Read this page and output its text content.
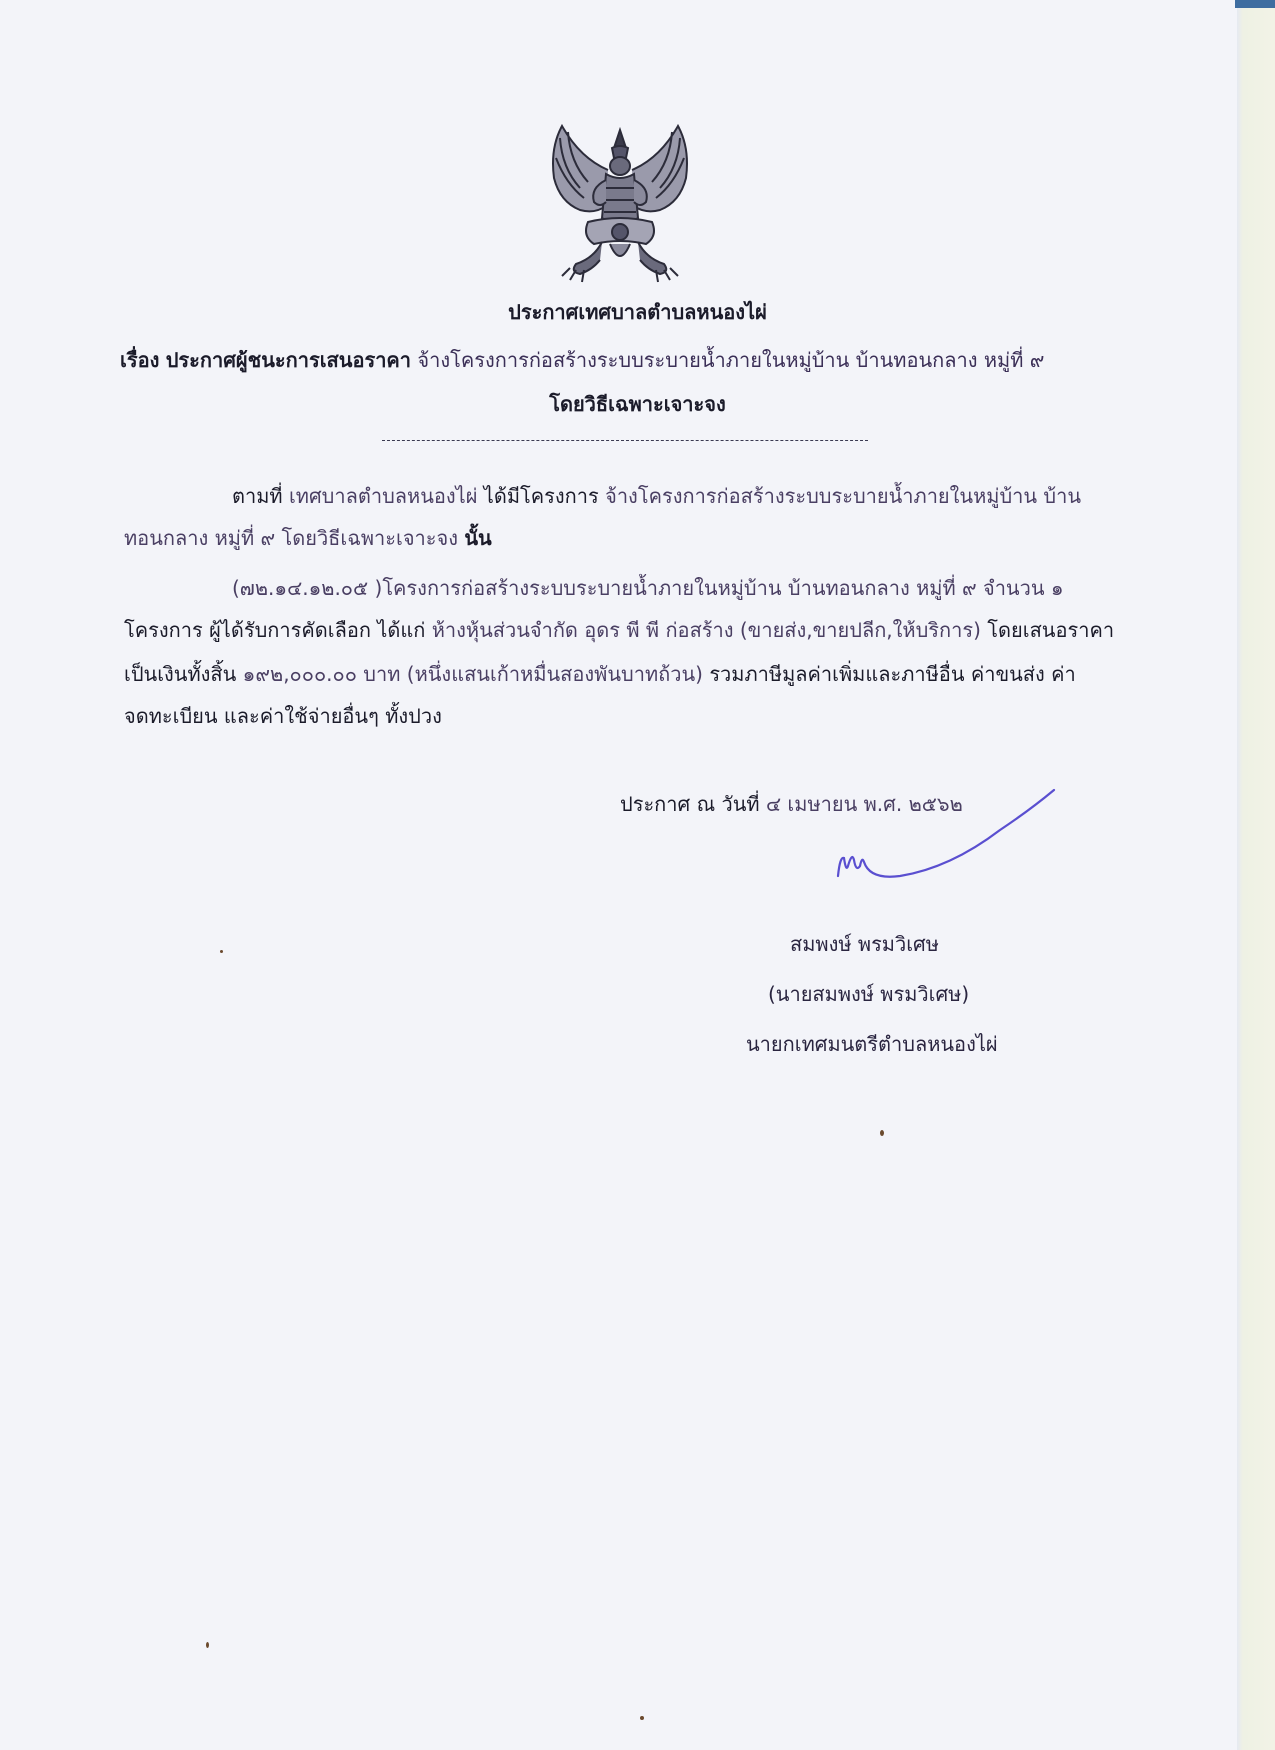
ประกาศเทศบาลตำบลหนองไผ่
เรื่อง ประกาศผู้ชนะการเสนอราคา จ้างโครงการก่อสร้างระบบระบายน้ำภายในหมู่บ้าน บ้านทอนกลาง หมู่ที่ ๙
โดยวิธีเฉพาะเจาะจง
ตามที่ เทศบาลตำบลหนองไผ่ ได้มีโครงการ จ้างโครงการก่อสร้างระบบระบายน้ำภายในหมู่บ้าน บ้าน
ทอนกลาง หมู่ที่ ๙ โดยวิธีเฉพาะเจาะจง นั้น
(๗๒.๑๔.๑๒.๐๕ )โครงการก่อสร้างระบบระบายน้ำภายในหมู่บ้าน บ้านทอนกลาง หมู่ที่ ๙ จำนวน ๑
โครงการ ผู้ได้รับการคัดเลือก ได้แก่ ห้างหุ้นส่วนจำกัด อุดร พี พี ก่อสร้าง (ขายส่ง,ขายปลีก,ให้บริการ) โดยเสนอราคา
เป็นเงินทั้งสิ้น ๑๙๒,๐๐๐.๐๐ บาท (หนึ่งแสนเก้าหมื่นสองพันบาทถ้วน) รวมภาษีมูลค่าเพิ่มและภาษีอื่น ค่าขนส่ง ค่า
จดทะเบียน และค่าใช้จ่ายอื่นๆ ทั้งปวง
ประกาศ ณ วันที่ ๔ เมษายน พ.ศ. ๒๕๖๒
สมพงษ์ พรมวิเศษ
(นายสมพงษ์ พรมวิเศษ)
นายกเทศมนตรีตำบลหนองไผ่
